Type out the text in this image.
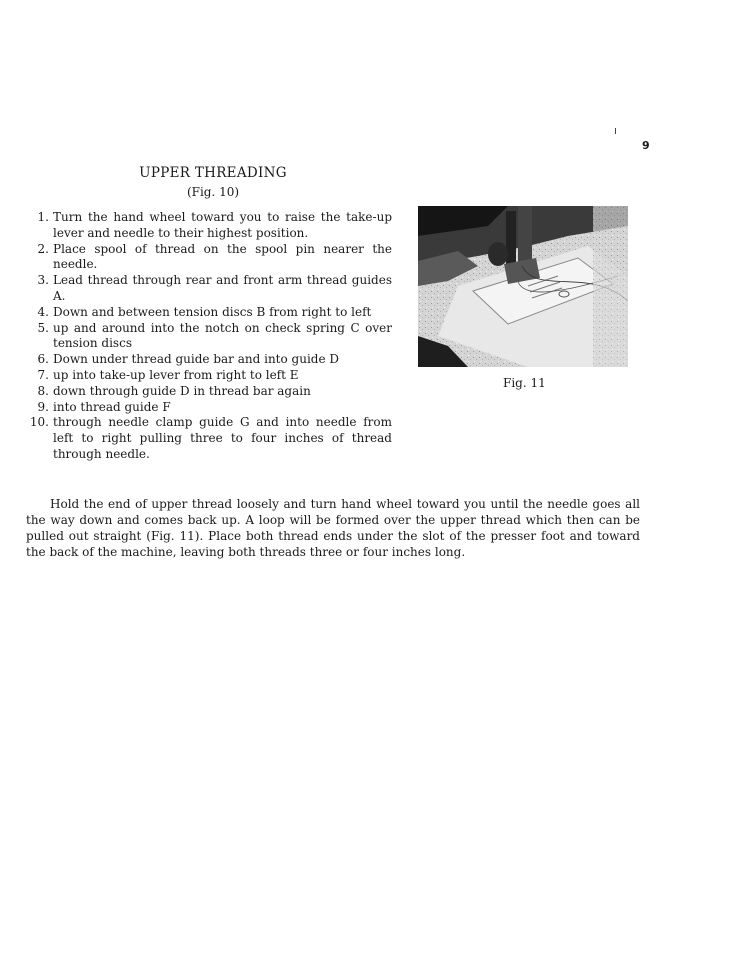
9
UPPER THREADING
(Fig. 10)
1. Turn the hand wheel toward you to raise the take-up lever and needle to their highest position.
2. Place spool of thread on the spool pin nearer the needle.
3. Lead thread through rear and front arm thread guides A.
4. Down and between tension discs B from right to left
5. up and around into the notch on check spring C over tension discs
6. Down under thread guide bar and into guide D
7. up into take-up lever from right to left E
8. down through guide D in thread bar again
9. into thread guide F
10. through needle clamp guide G and into needle from left to right pulling three to four inches of thread through needle.
Fig. 11

Hold the end of upper thread loosely and turn hand wheel toward you until the needle goes all the way down and comes back up. A loop will be formed over the upper thread which then can be pulled out straight (Fig. 11). Place both thread ends under the slot of the presser foot and toward the back of the machine, leaving both threads three or four inches long.
